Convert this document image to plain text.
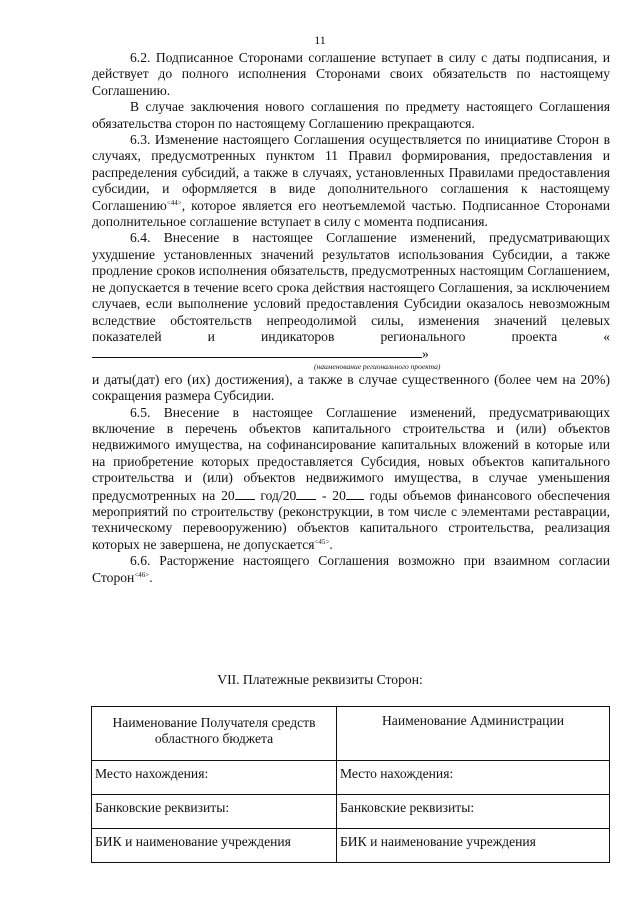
11

6.2. Подписанное Сторонами соглашение вступает в силу с даты подписания, и действует до полного исполнения Сторонами своих обязательств по настоящему Соглашению.

В случае заключения нового соглашения по предмету настоящего Соглашения обязательства сторон по настоящему Соглашению прекращаются.

6.3. Изменение настоящего Соглашения осуществляется по инициативе Сторон в случаях, предусмотренных пунктом 11 Правил формирования, предоставления и распределения субсидий, а также в случаях, установленных Правилами предоставления субсидии, и оформляется в виде дополнительного соглашения к настоящему Соглашению$^{<44>}$, которое является его неотъемлемой частью. Подписанное Сторонами дополнительное соглашение вступает в силу с момента подписания.

6.4. Внесение в настоящее Соглашение изменений, предусматривающих ухудшение установленных значений результатов использования Субсидии, а также продление сроков исполнения обязательств, предусмотренных настоящим Соглашением, не допускается в течение всего срока действия настоящего Соглашения, за исключением случаев, если выполнение условий предоставления Субсидии оказалось невозможным вследствие обстоятельств непреодолимой силы, изменения значений целевых показателей и индикаторов регионального проекта «»

(наименование регионального проекта)

и даты(дат) его (их) достижения), а также в случае существенного (более чем на 20%) сокращения размера Субсидии.

6.5. Внесение в настоящее Соглашение изменений, предусматривающих включение в перечень объектов капитального строительства и (или) объектов недвижимого имущества, на софинансирование капитальных вложений в которые или на приобретение которых предоставляется Субсидия, новых объектов капитального строительства и (или) объектов недвижимого имущества, в случае уменьшения предусмотренных на 20 год/20 - 20 годы объемов финансового обеспечения мероприятий по строительству (реконструкции, в том числе с элементами реставрации, техническому перевооружению) объектов капитального строительства, реализация которых не завершена, не допускается$^{<45>}$.

6.6. Расторжение настоящего Соглашения возможно при взаимном согласии Сторон$^{<46>}$.

VII. Платежные реквизиты Сторон:
Наименование Получателя средств областного бюджета	Наименование Администрации
Место нахождения:	Место нахождения:
Банковские реквизиты:	Банковские реквизиты:
БИК и наименование учреждения	БИК и наименование учреждения
